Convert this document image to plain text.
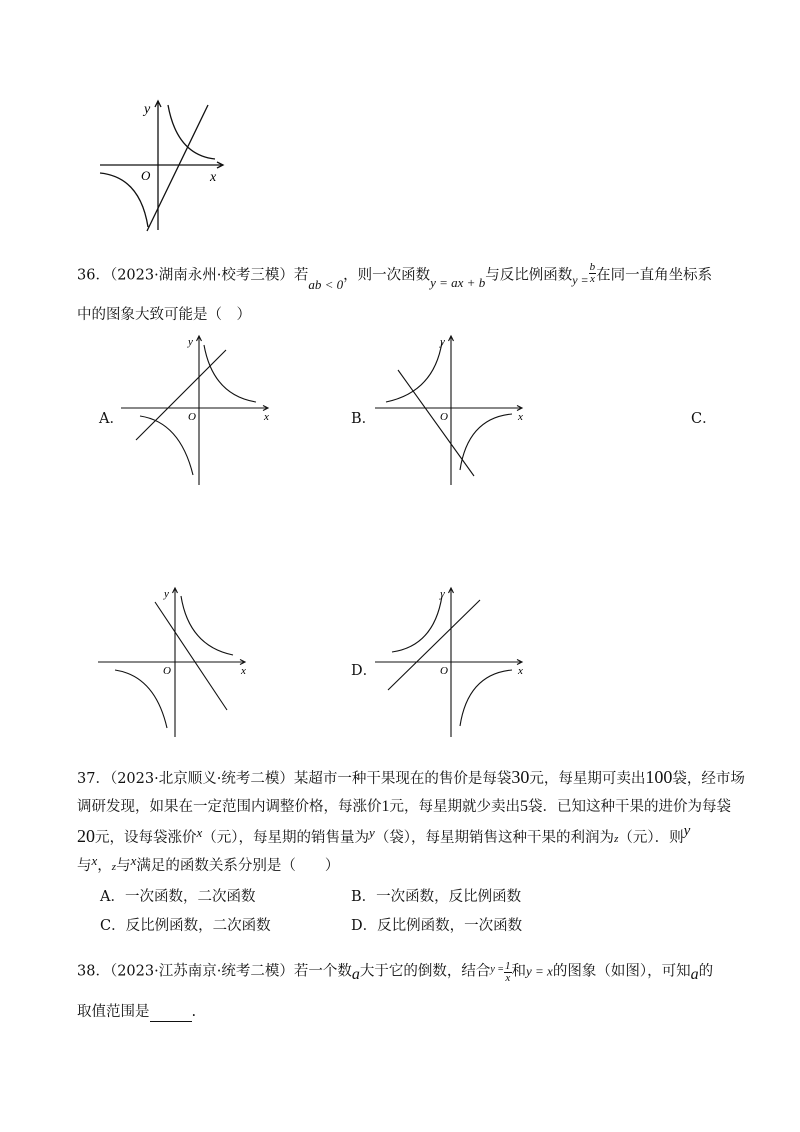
y
x
O
36．（2023·湖南永州·校考三模）若ab < 0，则一次函数y = ax + b与反比例函数$_{y =} \frac{b}{x}$ 在同一直角坐标系
中的图象大致可能是（　）
A．
y
x
O	B．
y
x
O	C．
y
x
O	D．
y
x
O
37．（2023·北京顺义·统考二模）某超市一种干果现在的售价是每袋30元，每星期可卖出100袋，经市场
调研发现，如果在一定范围内调整价格，每涨价1元，每星期就少卖出5袋．已知这种干果的进价为每袋
20元，设每袋涨价x（元），每星期的销售量为y（袋），每星期销售这种干果的利润为z（元）．则y
与x，z与x满足的函数关系分别是（　　）
A．一次函数，二次函数	B．一次函数，反比例函数
C．反比例函数，二次函数	D．反比例函数，一次函数
38．（2023·江苏南京·统考二模）若一个数a大于它的倒数，结合$^{y =} \frac{1}{x}$ 和y = x的图象（如图），可知a的
取值范围是	.
